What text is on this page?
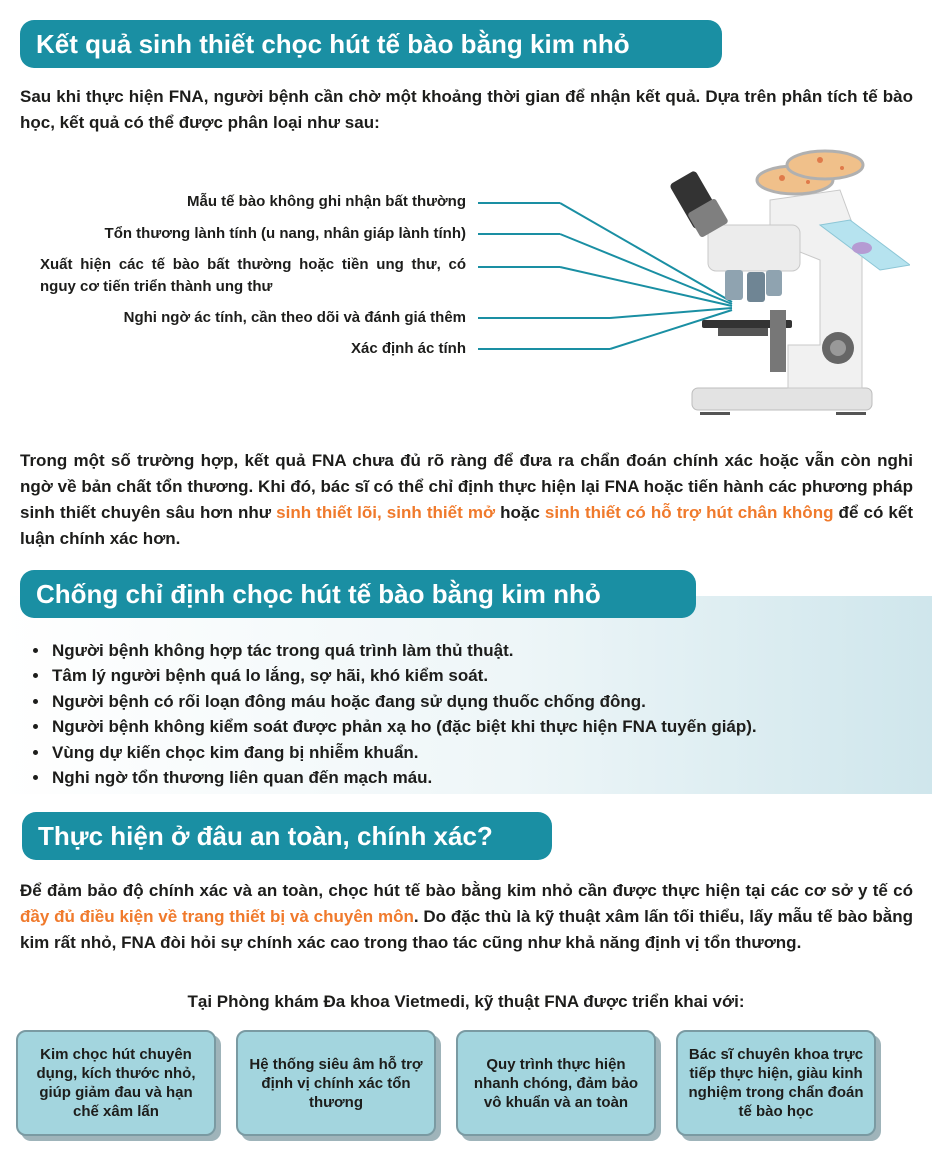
Kết quả sinh thiết chọc hút tế bào bằng kim nhỏ
Sau khi thực hiện FNA, người bệnh cần chờ một khoảng thời gian để nhận kết quả. Dựa trên phân tích tế bào học, kết quả có thể được phân loại như sau:
Mẫu tế bào không ghi nhận bất thường
Tổn thương lành tính (u nang, nhân giáp lành tính)
Xuất hiện các tế bào bất thường hoặc tiền ung thư, có nguy cơ tiến triển thành ung thư
Nghi ngờ ác tính, cần theo dõi và đánh giá thêm
Xác định ác tính
Trong một số trường hợp, kết quả FNA chưa đủ rõ ràng để đưa ra chẩn đoán chính xác hoặc vẫn còn nghi ngờ về bản chất tổn thương. Khi đó, bác sĩ có thể chỉ định thực hiện lại FNA hoặc tiến hành các phương pháp sinh thiết chuyên sâu hơn như sinh thiết lõi, sinh thiết mở hoặc sinh thiết có hỗ trợ hút chân không để có kết luận chính xác hơn.
Chống chỉ định chọc hút tế bào bằng kim nhỏ
• Người bệnh không hợp tác trong quá trình làm thủ thuật.
• Tâm lý người bệnh quá lo lắng, sợ hãi, khó kiểm soát.
• Người bệnh có rối loạn đông máu hoặc đang sử dụng thuốc chống đông.
• Người bệnh không kiểm soát được phản xạ ho (đặc biệt khi thực hiện FNA tuyến giáp).
• Vùng dự kiến chọc kim đang bị nhiễm khuẩn.
• Nghi ngờ tổn thương liên quan đến mạch máu.
Thực hiện ở đâu an toàn, chính xác?
Để đảm bảo độ chính xác và an toàn, chọc hút tế bào bằng kim nhỏ cần được thực hiện tại các cơ sở y tế có đầy đủ điều kiện về trang thiết bị và chuyên môn. Do đặc thù là kỹ thuật xâm lấn tối thiểu, lấy mẫu tế bào bằng kim rất nhỏ, FNA đòi hỏi sự chính xác cao trong thao tác cũng như khả năng định vị tổn thương.
Tại Phòng khám Đa khoa Vietmedi, kỹ thuật FNA được triển khai với:
Kim chọc hút chuyên dụng, kích thước nhỏ, giúp giảm đau và hạn chế xâm lấn
Hệ thống siêu âm hỗ trợ định vị chính xác tổn thương
Quy trình thực hiện nhanh chóng, đảm bảo vô khuẩn và an toàn
Bác sĩ chuyên khoa trực tiếp thực hiện, giàu kinh nghiệm trong chẩn đoán tế bào học
